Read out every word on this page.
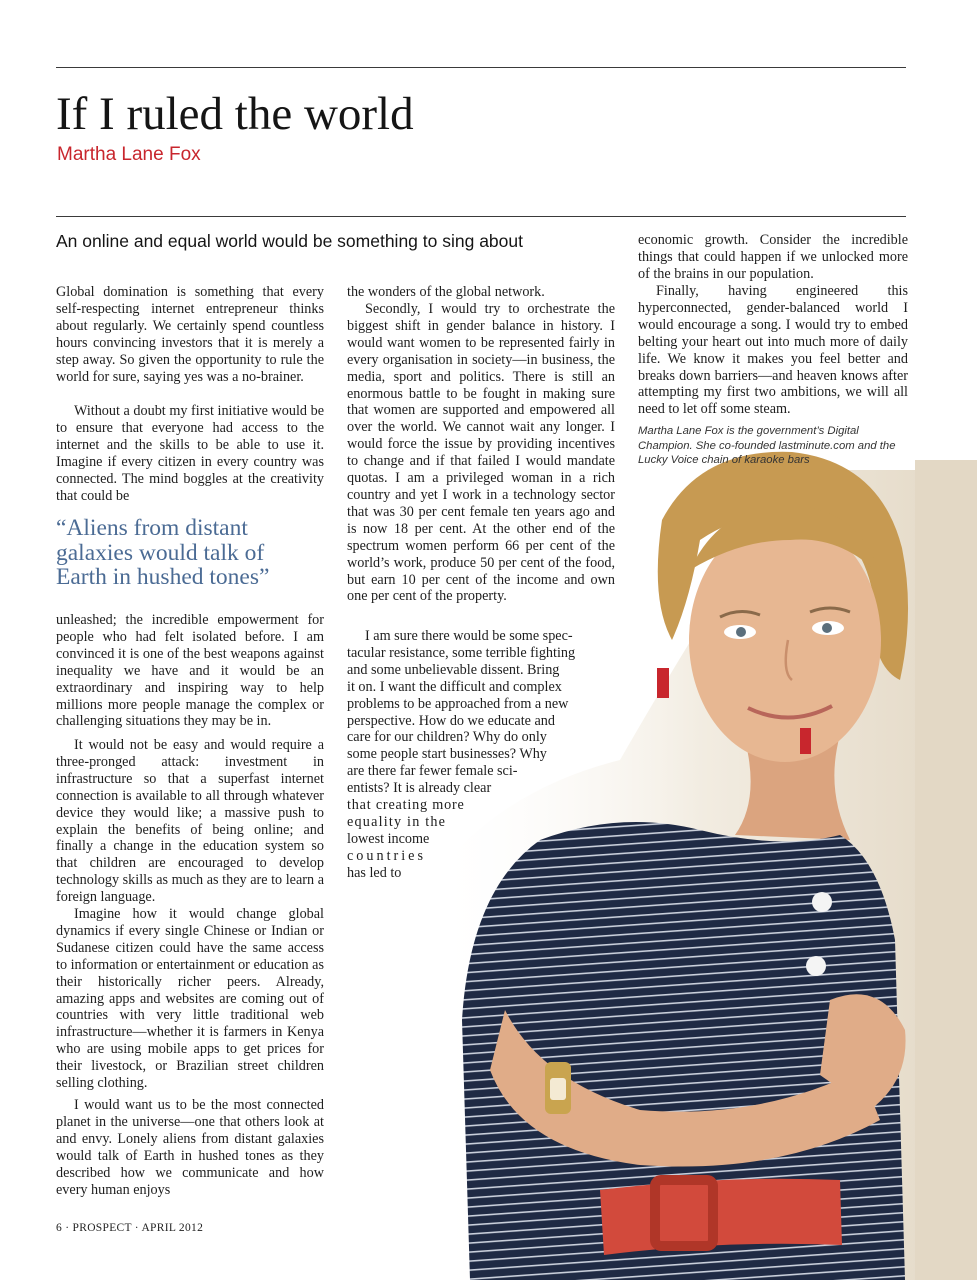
If I ruled the world
Martha Lane Fox
An online and equal world would be something to sing about

Global domination is something that every self-respecting internet entrepreneur thinks about regularly. We certainly spend countless hours convincing investors that it is merely a step away. So given the opportunity to rule the world for sure, saying yes was a no-brainer.

Without a doubt my first initiative would be to ensure that everyone had access to the internet and the skills to be able to use it. Imagine if every citizen in every country was connected. The mind boggles at the creativity that could be

“Aliens from distant
galaxies would talk of
Earth in hushed tones”

unleashed; the incredible empowerment for people who had felt isolated before. I am convinced it is one of the best weapons against inequality we have and it would be an extraordinary and inspiring way to help millions more people manage the complex or challenging situations they may be in.

It would not be easy and would require a three-pronged attack: investment in infrastructure so that a superfast internet connection is available to all through whatever device they would like; a massive push to explain the benefits of being online; and finally a change in the education system so that children are encouraged to develop technology skills as much as they are to learn a foreign language.

Imagine how it would change global dynamics if every single Chinese or Indian or Sudanese citizen could have the same access to information or entertainment or education as their historically richer peers. Already, amazing apps and websites are coming out of countries with very little traditional web infrastructure—whether it is farmers in Kenya who are using mobile apps to get prices for their livestock, or Brazilian street children selling clothing.

I would want us to be the most connected planet in the universe—one that others look at and envy. Lonely aliens from distant galaxies would talk of Earth in hushed tones as they described how we communicate and how every human enjoys

the wonders of the global network.

Secondly, I would try to orchestrate the biggest shift in gender balance in history. I would want women to be represented fairly in every organisation in society—in business, the media, sport and politics. There is still an enormous battle to be fought in making sure that women are supported and empowered all over the world. We cannot wait any longer. I would force the issue by providing incentives to change and if that failed I would mandate quotas. I am a privileged woman in a rich country and yet I work in a technology sector that was 30 per cent female ten years ago and is now 18 per cent. At the other end of the spectrum women perform 66 per cent of the world’s work, produce 50 per cent of the food, but earn 10 per cent of the income and own one per cent of the property.

I am sure there would be some spec-
tacular resistance, some terrible fighting
and some unbelievable dissent. Bring
it on. I want the difficult and complex
problems to be approached from a new
perspective. How do we educate and
care for our children? Why do only
some people start businesses? Why
are there far fewer female sci-
entists? It is already clear
that creating more
equality in the
lowest income
countries
has led to

economic growth. Consider the incredible things that could happen if we unlocked more of the brains in our population.

Finally, having engineered this hyperconnected, gender-balanced world I would encourage a song. I would try to embed belting your heart out into much more of daily life. We know it makes you feel better and breaks down barriers—and heaven knows after attempting my first two ambitions, we will all need to let off some steam.

Martha Lane Fox is the government’s Digital Champion. She co-founded lastminute.com and the Lucky Voice chain of karaoke bars

6 · PROSPECT · APRIL 2012
